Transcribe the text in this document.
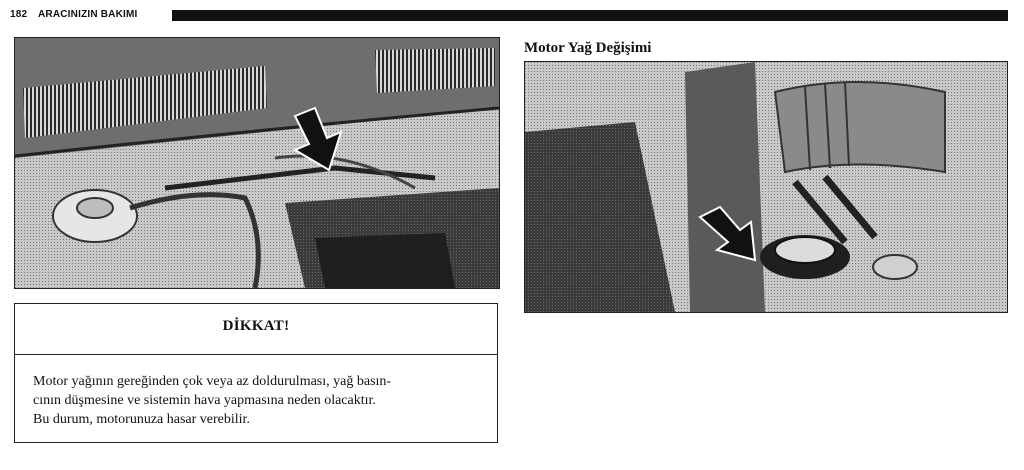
182 ARACINIZIN BAKIMI
Motor Yağ Değişimi
DİKKAT!
Motor yağının gereğinden çok veya az doldurulması, yağ basın-
cının düşmesine ve sistemin hava yapmasına neden olacaktır.
Bu durum, motorunuza hasar verebilir.
